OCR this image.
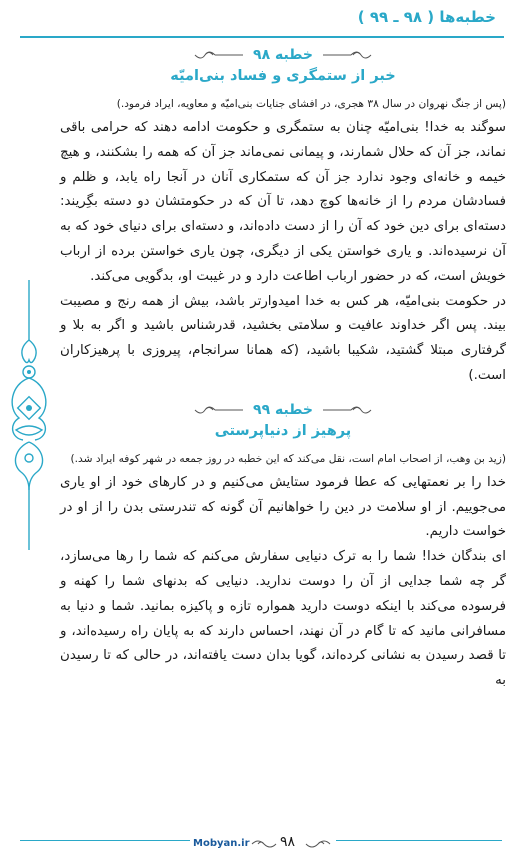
خطبه‌ها ( ۹۸ ـ ۹۹ )
خطبه ۹۸
خبر از ستمگری و فساد بنی‌امیّه
(پس از جنگ نهروان در سال ۳۸ هجری، در افشای جنایات بنی‌امیّه و معاویه، ایراد فرمود.)

سوگند به خدا! بنی‌امیّه چنان به ستمگری و حکومت ادامه دهند که حرامی باقی نماند، جز آن که حلال شمارند، و پیمانی نمی‌ماند جز آن که همه را بشکنند، و هیچ خیمه و خانه‌ای وجود ندارد جز آن که ستمکاری آنان در آنجا راه یابد، و ظلم و فسادشان مردم را از خانه‌ها کوچ دهد، تا آن که در حکومتشان دو دسته بگِریند: دسته‌ای برای دین خود که آن را از دست داده‌اند، و دسته‌ای برای دنیای خود که به آن نرسیده‌اند. و یاری خواستن یکی از دیگری، چون یاری خواستن برده از ارباب خویش است، که در حضور ارباب اطاعت دارد و در غیبت او، بدگویی می‌کند.

در حکومت بنی‌امیّه، هر کس به خدا امیدوارتر باشد، بیش از همه رنج و مصیبت بیند. پس اگر خداوند عافیت و سلامتی بخشید، قدرشناس باشید و اگر به بلا و گرفتاری مبتلا گشتید، شکیبا باشید، (که همانا سرانجام، پیروزی با پرهیزکاران است.)

خطبه ۹۹
پرهیز از دنیاپرستی
(زید بن وهب، از اصحاب امام است، نقل می‌کند که این خطبه در روز جمعه در شهر کوفه ایراد شد.)

خدا را بر نعمتهایی که عطا فرمود ستایش می‌کنیم و در کارهای خود از او یاری می‌جوییم. از او سلامت در دین را خواهانیم آن گونه که تندرستی بدن را از او در خواست داریم.

ای بندگان خدا! شما را به ترک دنیایی سفارش می‌کنم که شما را رها می‌سازد، گر چه شما جدایی از آن را دوست ندارید. دنیایی که بدنهای شما را کهنه و فرسوده می‌کند با اینکه دوست دارید همواره تازه و پاکیزه بمانید. شما و دنیا به مسافرانی مانید که تا گام در آن نهند، احساس دارند که به پایان راه رسیده‌اند، و تا قصد رسیدن به نشانی کرده‌اند، گویا بدان دست یافته‌اند، در حالی که تا رسیدن به

Mobyan.ir ۹۸
